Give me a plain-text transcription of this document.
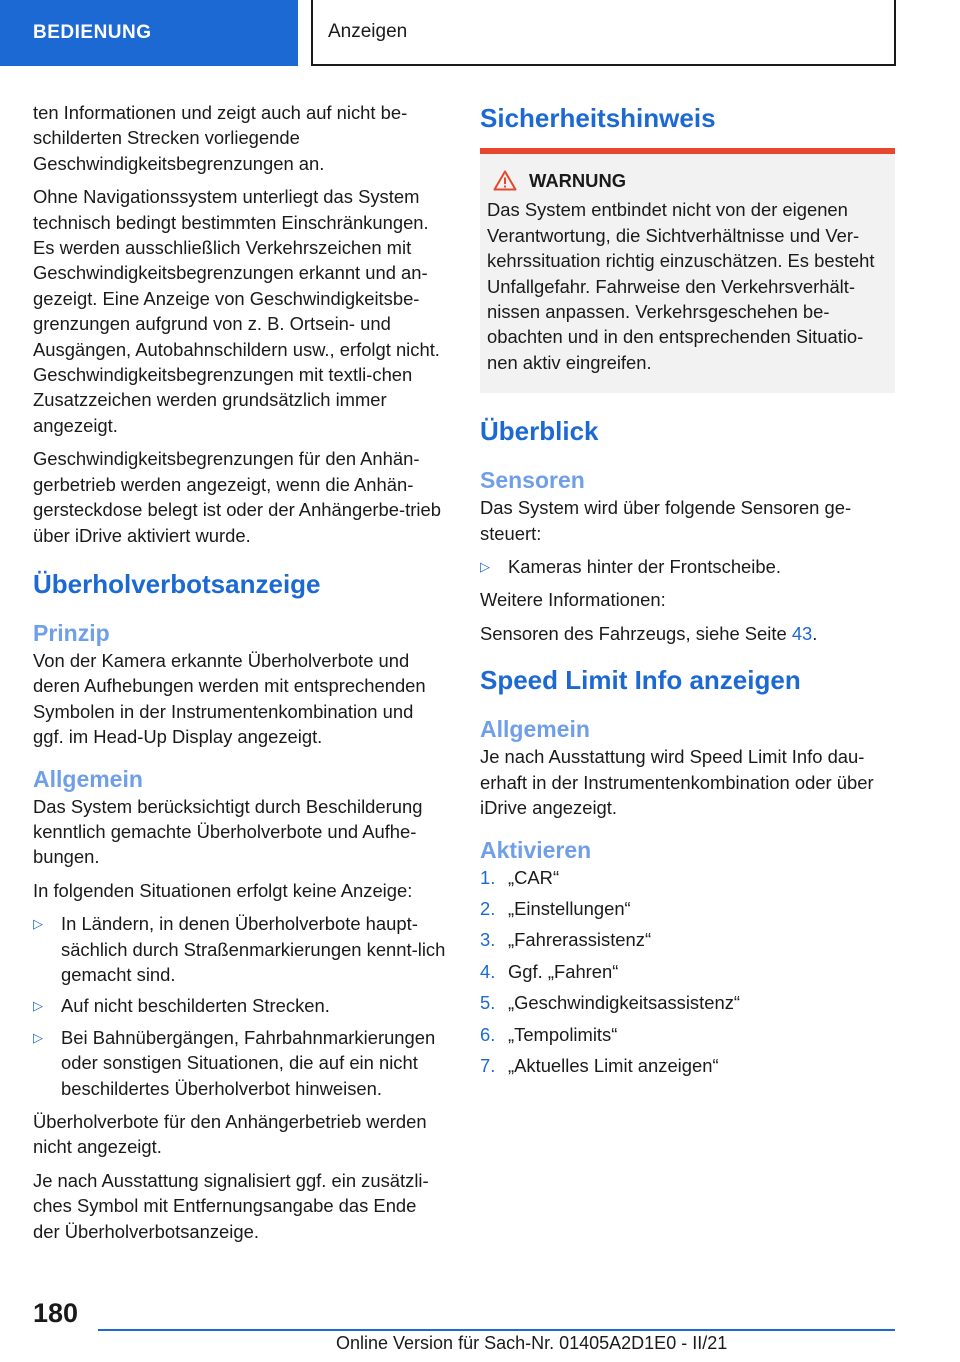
BEDIENUNG	Anzeigen

ten Informationen und zeigt auch auf nicht be-schilderten Strecken vorliegende Geschwindigkeitsbegrenzungen an.

Ohne Navigationssystem unterliegt das System technisch bedingt bestimmten Einschränkungen. Es werden ausschließlich Verkehrszeichen mit Geschwindigkeitsbegrenzungen erkannt und an-gezeigt. Eine Anzeige von Geschwindigkeitsbe-grenzungen aufgrund von z. B. Ortsein- und Ausgängen, Autobahnschildern usw., erfolgt nicht. Geschwindigkeitsbegrenzungen mit textli-chen Zusatzzeichen werden grundsätzlich immer angezeigt.

Geschwindigkeitsbegrenzungen für den Anhän-gerbetrieb werden angezeigt, wenn die Anhän-gersteckdose belegt ist oder der Anhängerbe-trieb über iDrive aktiviert wurde.

Überholverbotsanzeige
Prinzip

Von der Kamera erkannte Überholverbote und deren Aufhebungen werden mit entsprechenden Symbolen in der Instrumentenkombination und ggf. im Head-Up Display angezeigt.

Allgemein

Das System berücksichtigt durch Beschilderung kenntlich gemachte Überholverbote und Aufhe-bungen.

In folgenden Situationen erfolgt keine Anzeige:

▷ In Ländern, in denen Überholverbote haupt-sächlich durch Straßenmarkierungen kennt-lich gemacht sind.
▷ Auf nicht beschilderten Strecken.
▷ Bei Bahnübergängen, Fahrbahnmarkierungen oder sonstigen Situationen, die auf ein nicht beschildertes Überholverbot hinweisen.

Überholverbote für den Anhängerbetrieb werden nicht angezeigt.

Je nach Ausstattung signalisiert ggf. ein zusätzli-ches Symbol mit Entfernungsangabe das Ende der Überholverbotsanzeige.

Sicherheitshinweis
WARNUNG
Das System entbindet nicht von der eigenen Verantwortung, die Sichtverhältnisse und Ver-kehrssituation richtig einzuschätzen. Es besteht Unfallgefahr. Fahrweise den Verkehrsverhält-nissen anpassen. Verkehrsgeschehen be-obachten und in den entsprechenden Situatio-nen aktiv eingreifen.
Überblick
Sensoren

Das System wird über folgende Sensoren ge-steuert:

▷ Kameras hinter der Frontscheibe.

Weitere Informationen:

Sensoren des Fahrzeugs, siehe Seite 43.

Speed Limit Info anzeigen
Allgemein

Je nach Ausstattung wird Speed Limit Info dau-erhaft in der Instrumentenkombination oder über iDrive angezeigt.

Aktivieren
1. „CAR“
2. „Einstellungen“
3. „Fahrerassistenz“
4. Ggf. „Fahren“
5. „Geschwindigkeitsassistenz“
6. „Tempolimits“
7. „Aktuelles Limit anzeigen“
180
Online Version für Sach-Nr. 01405A2D1E0 - II/21
